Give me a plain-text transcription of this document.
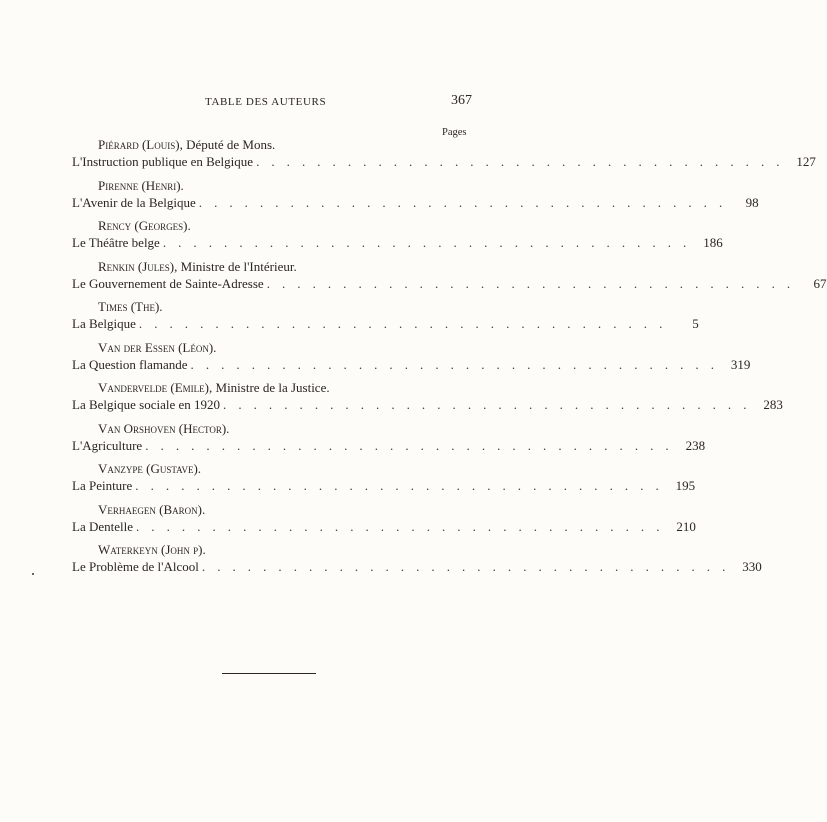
TABLE DES AUTEURS	367
Pages
Piérard (Louis), Député de Mons.
L'Instruction publique en Belgique . . . . . . . . . . . . . . . . . . . . . . . . . . . . . . . . . . . 127
Pirenne (Henri).
L'Avenir de la Belgique . . . . . . . . . . . . . . . . . . . . . . . . . . . . . . . . . . .	98
Rency (Georges).
Le Théâtre belge . . . . . . . . . . . . . . . . . . . . . . . . . . . . . . . . . . . 186
Renkin (Jules), Ministre de l'Intérieur.
Le Gouvernement de Sainte-Adresse . . . . . . . . . . . . . . . . . . . . . . . . . . . . . . . . . . .	67
Times (The).
La Belgique . . . . . . . . . . . . . . . . . . . . . . . . . . . . . . . . . . .	5
Van der Essen (Léon).
La Question flamande . . . . . . . . . . . . . . . . . . . . . . . . . . . . . . . . . . . 319
Vandervelde (Emile), Ministre de la Justice.
La Belgique sociale en 1920 . . . . . . . . . . . . . . . . . . . . . . . . . . . . . . . . . . . 283
Van Orshoven (Hector).
L'Agriculture . . . . . . . . . . . . . . . . . . . . . . . . . . . . . . . . . . . 238
Vanzype (Gustave).
La Peinture . . . . . . . . . . . . . . . . . . . . . . . . . . . . . . . . . . . 195
Verhaegen (Baron).
La Dentelle . . . . . . . . . . . . . . . . . . . . . . . . . . . . . . . . . . . 210
Waterkeyn (John p).
Le Problème de l'Alcool . . . . . . . . . . . . . . . . . . . . . . . . . . . . . . . . . . . 330
